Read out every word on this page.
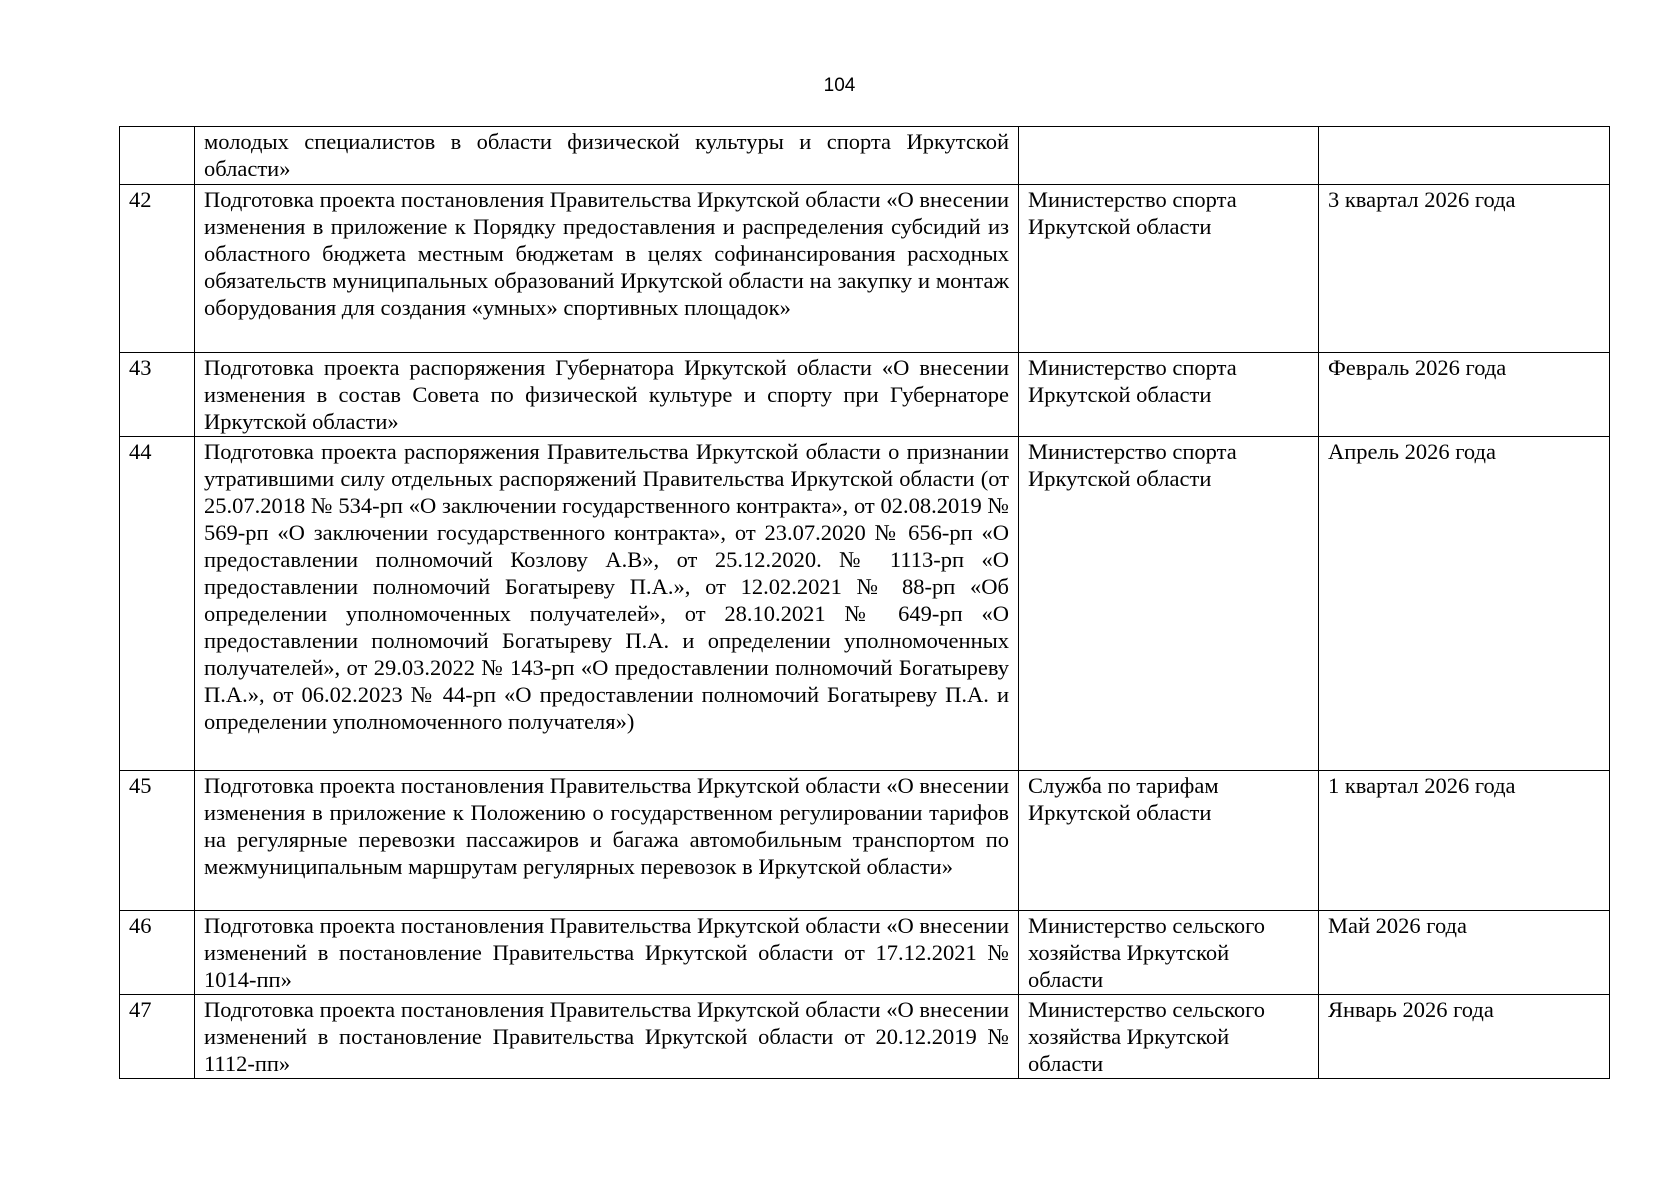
104
	молодых специалистов в области физической культуры и спорта Иркутской области»		
42	Подготовка проекта постановления Правительства Иркутской области «О внесении изменения в приложение к Порядку предоставления и распределения субсидий из областного бюджета местным бюджетам в целях софинансирования расходных обязательств муниципальных образований Иркутской области на закупку и монтаж оборудования для создания «умных» спортивных площадок»	Министерство спорта Иркутской области	3 квартал 2026 года
43	Подготовка проекта распоряжения Губернатора Иркутской области «О внесении изменения в состав Совета по физической культуре и спорту при Губернаторе Иркутской области»	Министерство спорта Иркутской области	Февраль 2026 года
44	Подготовка проекта распоряжения Правительства Иркутской области о признании утратившими силу отдельных распоряжений Правительства Иркутской области (от 25.07.2018 № 534-рп «О заключении государственного контракта», от 02.08.2019 № 569-рп «О заключении государственного контракта», от 23.07.2020 № 656-рп «О предоставлении полномочий Козлову А.В», от 25.12.2020. № 1113-рп «О предоставлении полномочий Богатыреву П.А.», от 12.02.2021 № 88-рп «Об определении уполномоченных получателей», от 28.10.2021 № 649-рп «О предоставлении полномочий Богатыреву П.А. и определении уполномоченных получателей», от 29.03.2022 № 143-рп «О предоставлении полномочий Богатыреву П.А.», от 06.02.2023 № 44-рп «О предоставлении полномочий Богатыреву П.А. и определении уполномоченного получателя»)	Министерство спорта Иркутской области	Апрель 2026 года
45	Подготовка проекта постановления Правительства Иркутской области «О внесении изменения в приложение к Положению о государственном регулировании тарифов на регулярные перевозки пассажиров и багажа автомобильным транспортом по межмуниципальным маршрутам регулярных перевозок в Иркутской области»	Служба по тарифам Иркутской области	1 квартал 2026 года
46	Подготовка проекта постановления Правительства Иркутской области «О внесении изменений в постановление Правительства Иркутской области от 17.12.2021 № 1014-пп»	Министерство сельского хозяйства Иркутской области	Май 2026 года
47	Подготовка проекта постановления Правительства Иркутской области «О внесении изменений в постановление Правительства Иркутской области от 20.12.2019 № 1112-пп»	Министерство сельского хозяйства Иркутской области	Январь 2026 года
